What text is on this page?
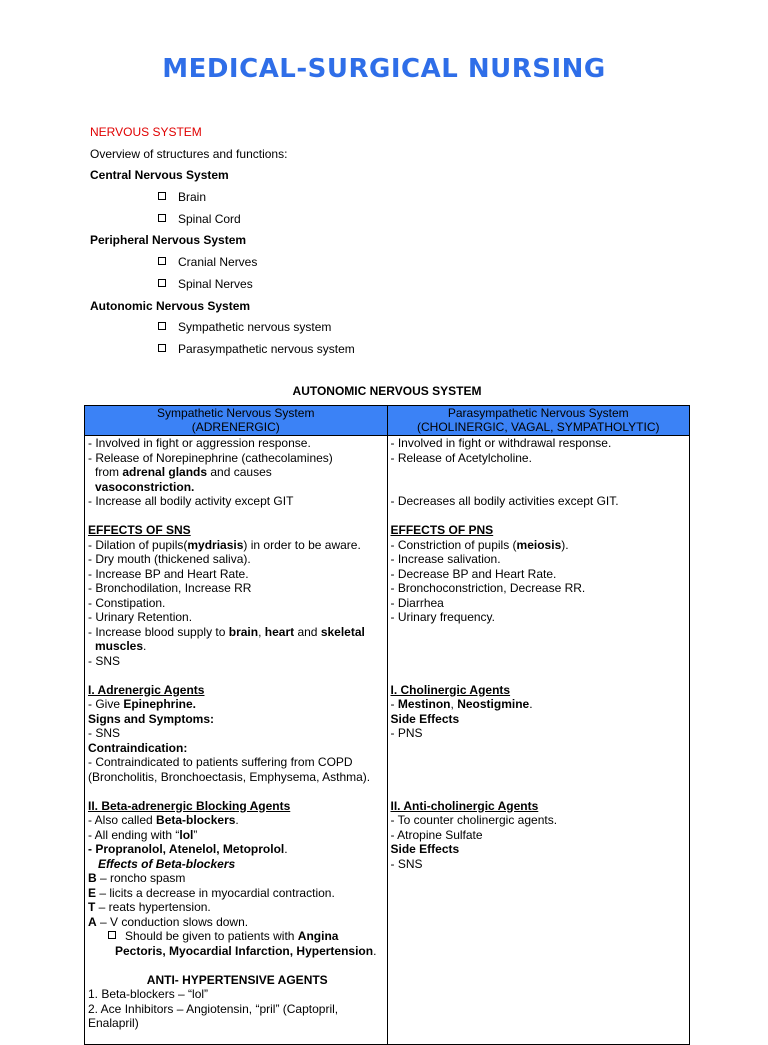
MEDICAL-SURGICAL NURSING
NERVOUS SYSTEM
Overview of structures and functions:
Central Nervous System
Brain
Spinal Cord
Peripheral Nervous System
Cranial Nerves
Spinal Nerves
Autonomic Nervous System
Sympathetic nervous system
Parasympathetic nervous system
AUTONOMIC NERVOUS SYSTEM
Sympathetic Nervous System
(ADRENERGIC)
Parasympathetic Nervous System
(CHOLINERGIC, VAGAL, SYMPATHOLYTIC)
- Involved in fight or aggression response.
- Release of Norepinephrine (cathecolamines)
from adrenal glands and causes
vasoconstriction.
- Increase all bodily activity except GIT
EFFECTS OF SNS
- Dilation of pupils(mydriasis) in order to be aware.
- Dry mouth (thickened saliva).
- Increase BP and Heart Rate.
- Bronchodilation, Increase RR
- Constipation.
- Urinary Retention.
- Increase blood supply to brain, heart and skeletal
muscles.
- SNS
I. Adrenergic Agents
- Give Epinephrine.
Signs and Symptoms:
- SNS
Contraindication:
- Contraindicated to patients suffering from COPD
(Broncholitis, Bronchoectasis, Emphysema, Asthma).
II. Beta-adrenergic Blocking Agents
- Also called Beta-blockers.
- All ending with “lol”
- Propranolol, Atenelol, Metoprolol.
Effects of Beta-blockers
B – roncho spasm
E – licits a decrease in myocardial contraction.
T – reats hypertension.
A – V conduction slows down.
Should be given to patients with Angina
Pectoris, Myocardial Infarction, Hypertension.
ANTI- HYPERTENSIVE AGENTS
1. Beta-blockers – “lol”
2. Ace Inhibitors – Angiotensin, “pril” (Captopril,
Enalapril)
- Involved in fight or withdrawal response.
- Release of Acetylcholine.
- Decreases all bodily activities except GIT.
EFFECTS OF PNS
- Constriction of pupils (meiosis).
- Increase salivation.
- Decrease BP and Heart Rate.
- Bronchoconstriction, Decrease RR.
- Diarrhea
- Urinary frequency.
I. Cholinergic Agents
- Mestinon, Neostigmine.
Side Effects
- PNS
II. Anti-cholinergic Agents
- To counter cholinergic agents.
- Atropine Sulfate
Side Effects
- SNS
